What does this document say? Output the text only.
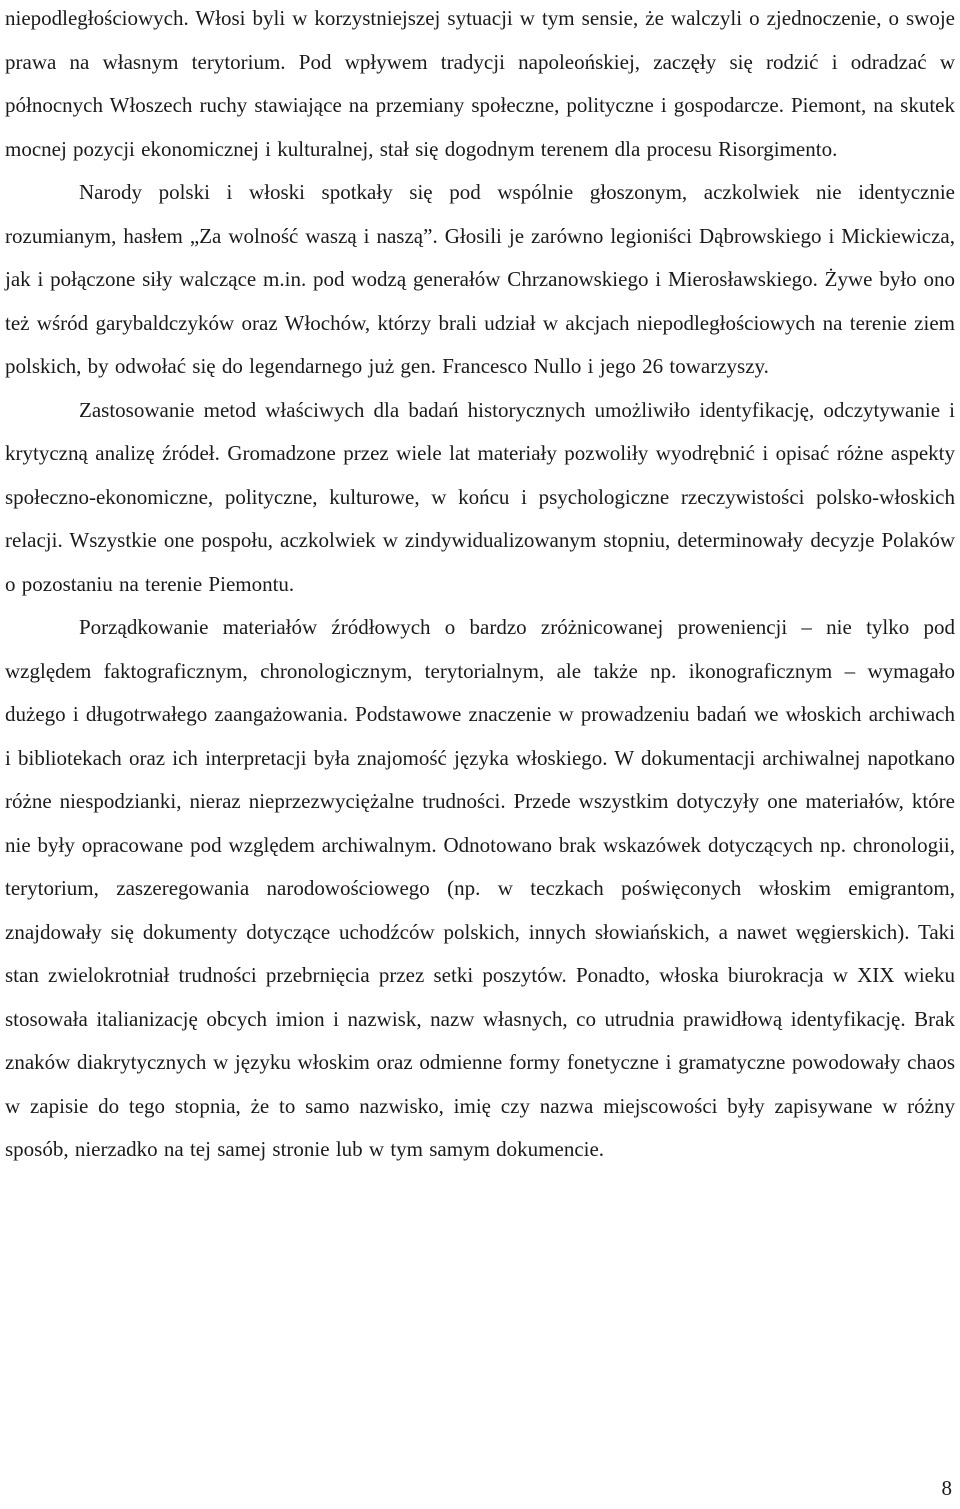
niepodległościowych. Włosi byli w korzystniejszej sytuacji w tym sensie, że walczyli o zjednoczenie, o swoje prawa na własnym terytorium. Pod wpływem tradycji napoleońskiej, zaczęły się rodzić i odradzać w północnych Włoszech ruchy stawiające na przemiany społeczne, polityczne i gospodarcze. Piemont, na skutek mocnej pozycji ekonomicznej i kulturalnej, stał się dogodnym terenem dla procesu Risorgimento.

Narody polski i włoski spotkały się pod wspólnie głoszonym, aczkolwiek nie identycznie rozumianym, hasłem „Za wolność waszą i naszą”. Głosili je zarówno legioniści Dąbrowskiego i Mickiewicza, jak i połączone siły walczące m.in. pod wodzą generałów Chrzanowskiego i Mierosławskiego. Żywe było ono też wśród garybaldczyków oraz Włochów, którzy brali udział w akcjach niepodległościowych na terenie ziem polskich, by odwołać się do legendarnego już gen. Francesco Nullo i jego 26 towarzyszy.

Zastosowanie metod właściwych dla badań historycznych umożliwiło identyfikację, odczytywanie i krytyczną analizę źródeł. Gromadzone przez wiele lat materiały pozwoliły wyodrębnić i opisać różne aspekty społeczno-ekonomiczne, polityczne, kulturowe, w końcu i psychologiczne rzeczywistości polsko-włoskich relacji. Wszystkie one pospołu, aczkolwiek w zindywidualizowanym stopniu, determinowały decyzje Polaków o pozostaniu na terenie Piemontu.

Porządkowanie materiałów źródłowych o bardzo zróżnicowanej proweniencji – nie tylko pod względem faktograficznym, chronologicznym, terytorialnym, ale także np. ikonograficznym – wymagało dużego i długotrwałego zaangażowania. Podstawowe znaczenie w prowadzeniu badań we włoskich archiwach i bibliotekach oraz ich interpretacji była znajomość języka włoskiego. W dokumentacji archiwalnej napotkano różne niespodzianki, nieraz nieprzezwyciężalne trudności. Przede wszystkim dotyczyły one materiałów, które nie były opracowane pod względem archiwalnym. Odnotowano brak wskazówek dotyczących np. chronologii, terytorium, zaszeregowania narodowościowego (np. w teczkach poświęconych włoskim emigrantom, znajdowały się dokumenty dotyczące uchodźców polskich, innych słowiańskich, a nawet węgierskich). Taki stan zwielokrotniał trudności przebrnięcia przez setki poszytów. Ponadto, włoska biurokracja w XIX wieku stosowała italianizację obcych imion i nazwisk, nazw własnych, co utrudnia prawidłową identyfikację. Brak znaków diakrytycznych w języku włoskim oraz odmienne formy fonetyczne i gramatyczne powodowały chaos w zapisie do tego stopnia, że to samo nazwisko, imię czy nazwa miejscowości były zapisywane w różny sposób, nierzadko na tej samej stronie lub w tym samym dokumencie.

8
